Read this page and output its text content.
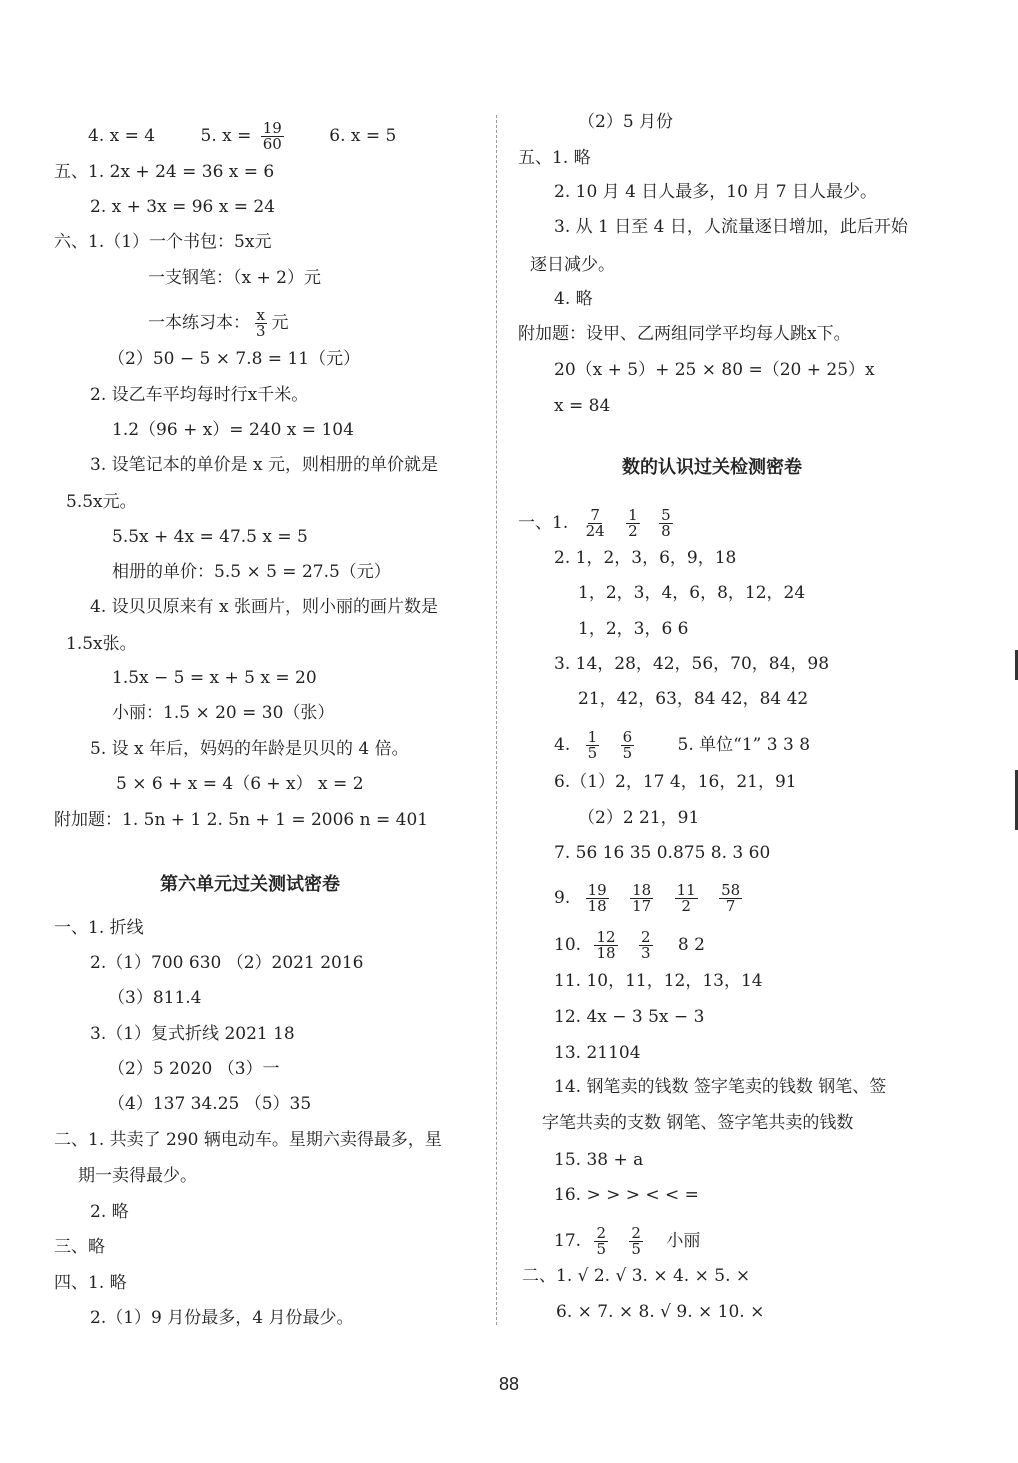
4. x = 4	5. $x = \frac{19}{60}$	6. x = 5
五、1. 2x + 24 = 36 x = 6
2. x + 3x = 96 x = 24
六、1.（1）一个书包：5x元
一支钢笔：（x + 2）元
一本练习本： $\frac{x}{3}$ 元
（2）50 − 5 × 7.8 = 11（元）
2. 设乙车平均每时行x千米。
1.2（96 + x）= 240 x = 104
3. 设笔记本的单价是 x 元，则相册的单价就是
5.5x元。
5.5x + 4x = 47.5 x = 5
相册的单价：5.5 × 5 = 27.5（元）
4. 设贝贝原来有 x 张画片，则小丽的画片数是
1.5x张。
1.5x − 5 = x + 5 x = 20
小丽：1.5 × 20 = 30（张）
5. 设 x 年后，妈妈的年龄是贝贝的 4 倍。
5 × 6 + x = 4（6 + x） x = 2
附加题：1. 5n + 1 2. 5n + 1 = 2006 n = 401
第六单元过关测试密卷
一、1. 折线
2.（1）700 630 （2）2021 2016
（3）811.4
3.（1）复式折线 2021 18
（2）5 2020 （3）一
（4）137 34.25 （5）35
二、1. 共卖了 290 辆电动车。星期六卖得最多，星
期一卖得最少。
2. 略
三、略
四、1. 略
2.（1）9 月份最多，4 月份最少。
（2）5 月份
五、1. 略
2. 10 月 4 日人最多，10 月 7 日人最少。
3. 从 1 日至 4 日，人流量逐日增加，此后开始
逐日减少。
4. 略
附加题：设甲、乙两组同学平均每人跳x下。
20（x + 5）+ 25 × 80 =（20 + 25）x
x = 84
数的认识过关检测密卷
一、1. $\frac{7}{24}$
$\frac{1}{2}$
$\frac{5}{8}$
2. 1，2，3，6，9，18
1，2，3，4，6，8，12，24
1，2，3，6 6
3. 14，28，42，56，70，84，98
21，42，63，84 42，84 42
4. $\frac{1}{5}$
$\frac{6}{5}$	5. 单位“1” 3 3 8
6.（1）2，17 4，16，21，91
（2）2 21，91
7. 56 16 35 0.875 8. 3 60
9. $\frac{19}{18}$
$\frac{18}{17}$
$\frac{11}{2}$
$\frac{58}{7}$
10. $\frac{12}{18}$
$\frac{2}{3} 8$ 2
11. 10，11，12，13，14
12. 4x − 3 5x − 3
13. 21104
14. 钢笔卖的钱数 签字笔卖的钱数 钢笔、签
字笔共卖的支数 钢笔、签字笔共卖的钱数
15. 38 + a
16. > > > < < =
17. $\frac{2}{5}$
$\frac{2}{5}$ 小丽
二、1. √ 2. √ 3. × 4. × 5. ×
6. × 7. × 8. √ 9. × 10. ×
88
